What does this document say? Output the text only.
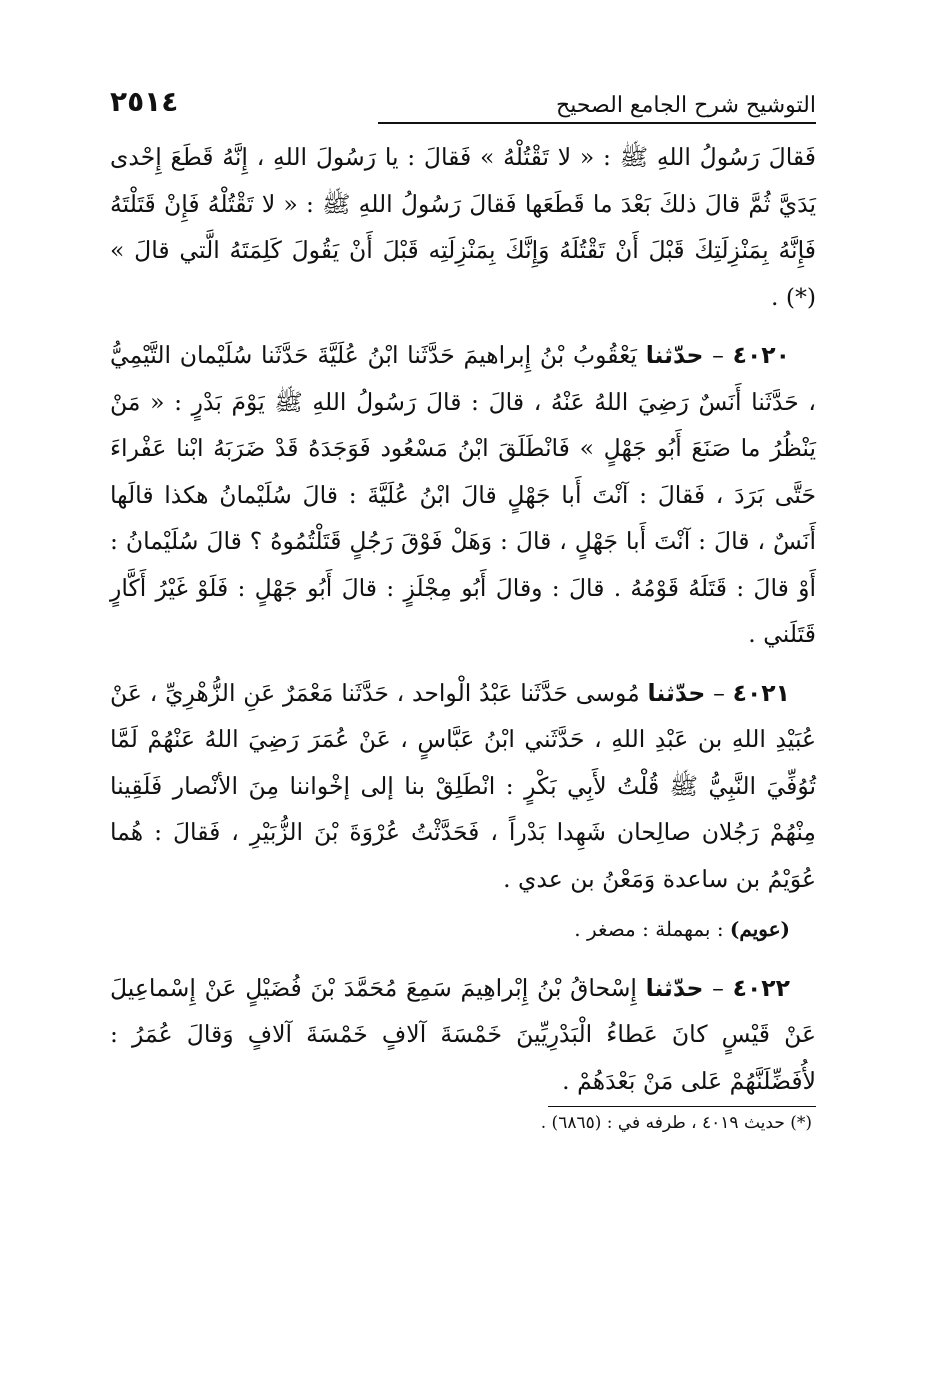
التوشيح شرح الجامع الصحيح
٢٥١٤

فَقالَ رَسُولُ اللهِ ﷺ : « لا تَقْتُلْهُ » فَقالَ : يا رَسُولَ اللهِ ، إِنَّهُ قَطَعَ إِحْدى يَدَيَّ ثُمَّ قالَ ذلكَ بَعْدَ ما قَطَعَها فَقالَ رَسُولُ اللهِ ﷺ : « لا تَقْتُلْهُ فَإِنْ قَتَلْتَهُ فَإِنَّهُ بِمَنْزِلَتِكَ قَبْلَ أَنْ تَقْتُلَهُ وَإِنَّكَ بِمَنْزِلَتِه قَبْلَ أَنْ يَقُولَ كَلِمَتَهُ الَّتي قالَ » (*) .

٤٠٢٠ – حدّثنا يَعْقُوبُ بْنُ إِبراهيمَ حَدَّثَنا ابْنُ عُلَيَّةَ حَدَّثَنا سُلَيْمان التَّيْمِيُّ ، حَدَّثَنا أَنَسٌ رَضِيَ اللهُ عَنْهُ ، قالَ : قالَ رَسُولُ اللهِ ﷺ يَوْمَ بَدْرٍ : « مَنْ يَنْظُرُ ما صَنَعَ أَبُو جَهْلٍ » فَانْطَلَقَ ابْنُ مَسْعُود فَوَجَدَهُ قَدْ ضَرَبَهُ ابْنا عَفْراءَ حَتَّى بَرَدَ ، فَقالَ : آنْتَ أَبا جَهْلٍ قالَ ابْنُ عُلَيَّةَ : قالَ سُلَيْمانُ هكذا قالَها أَنَسٌ ، قالَ : آنْتَ أَبا جَهْلٍ ، قالَ : وَهَلْ فَوْقَ رَجُلٍ قَتَلْتُمُوهُ ؟ قالَ سُلَيْمانُ : أَوْ قالَ : قَتَلَهُ قَوْمُهُ . قالَ : وقالَ أَبُو مِجْلَزٍ : قالَ أَبُو جَهْلٍ : فَلَوْ غَيْرُ أَكَّارٍ قَتَلَني .

٤٠٢١ – حدّثنا مُوسى حَدَّثَنا عَبْدُ الْواحد ، حَدَّثَنا مَعْمَرٌ عَنِ الزُّهْرِيِّ ، عَنْ عُبَيْدِ اللهِ بن عَبْدِ اللهِ ، حَدَّثَني ابْنُ عَبَّاسٍ ، عَنْ عُمَرَ رَضِيَ اللهُ عَنْهُمْ لَمَّا تُوُفِّيَ النَّبِيُّ ﷺ قُلْتُ لأَبِي بَكْرٍ : انْطَلِقْ بنا إلى إخْواننا مِنَ الأنْصار فَلَقِينا مِنْهُمْ رَجُلان صالِحان شَهِدا بَدْراً ، فَحَدَّثْتُ عُرْوَةَ بْنَ الزُّبَيْرِ ، فَقالَ : هُما عُوَيْمُ بن ساعدة وَمَعْنُ بن عدي .

(عويم) : بمهملة : مصغر .

٤٠٢٢ – حدّثنا إِسْحاقُ بْنُ إِبْراهِيمَ سَمِعَ مُحَمَّدَ بْنَ فُضَيْلٍ عَنْ إِسْماعِيلَ عَنْ قَيْسٍ كانَ عَطاءُ الْبَدْرِيِّينَ خَمْسَةَ آلافٍ خَمْسَةَ آلافٍ وَقالَ عُمَرُ : لأُفَضِّلَنَّهُمْ عَلى مَنْ بَعْدَهُمْ .

(*) حديث ٤٠١٩ ، طرفه في : (٦٨٦٥) .
